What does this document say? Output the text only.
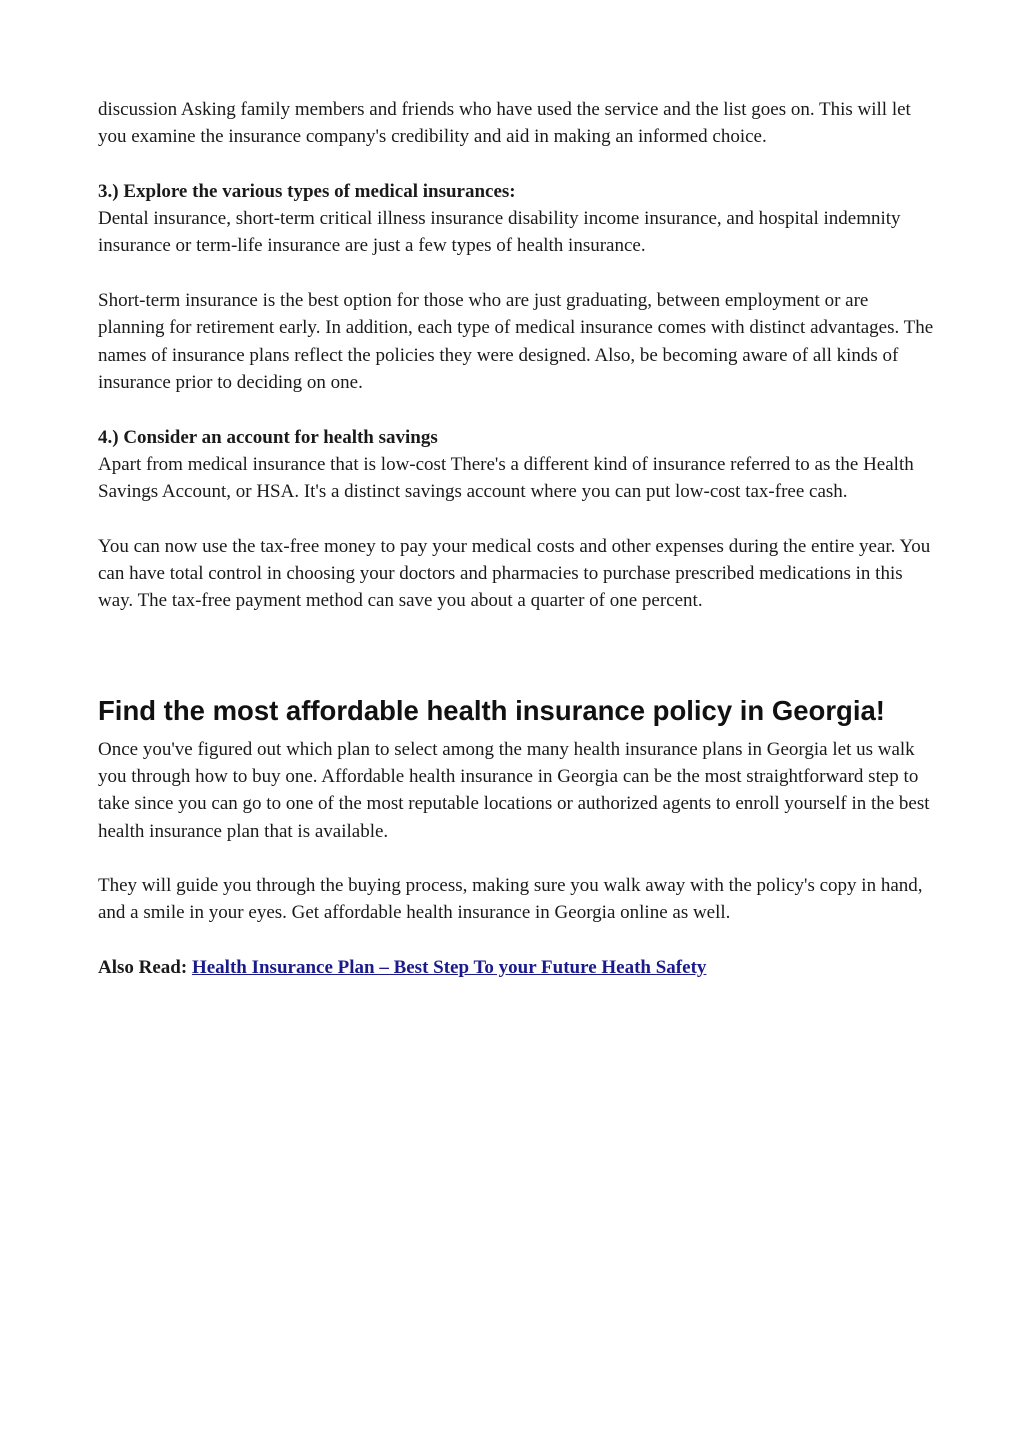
discussion Asking family members and friends who have used the service and the list goes on. This will let you examine the insurance company's credibility and aid in making an informed choice.

3.) Explore the various types of medical insurances:

Dental insurance, short-term critical illness insurance disability income insurance, and hospital indemnity insurance or term-life insurance are just a few types of health insurance.

Short-term insurance is the best option for those who are just graduating, between employment or are planning for retirement early. In addition, each type of medical insurance comes with distinct advantages. The names of insurance plans reflect the policies they were designed. Also, be becoming aware of all kinds of insurance prior to deciding on one.

4.) Consider an account for health savings

Apart from medical insurance that is low-cost There's a different kind of insurance referred to as the Health Savings Account, or HSA. It's a distinct savings account where you can put low-cost tax-free cash.

You can now use the tax-free money to pay your medical costs and other expenses during the entire year. You can have total control in choosing your doctors and pharmacies to purchase prescribed medications in this way. The tax-free payment method can save you about a quarter of one percent.

Find the most affordable health insurance policy in Georgia!

Once you've figured out which plan to select among the many health insurance plans in Georgia let us walk you through how to buy one. Affordable health insurance in Georgia can be the most straightforward step to take since you can go to one of the most reputable locations or authorized agents to enroll yourself in the best health insurance plan that is available.

They will guide you through the buying process, making sure you walk away with the policy's copy in hand, and a smile in your eyes. Get affordable health insurance in Georgia online as well.

Also Read: Health Insurance Plan – Best Step To your Future Heath Safety
